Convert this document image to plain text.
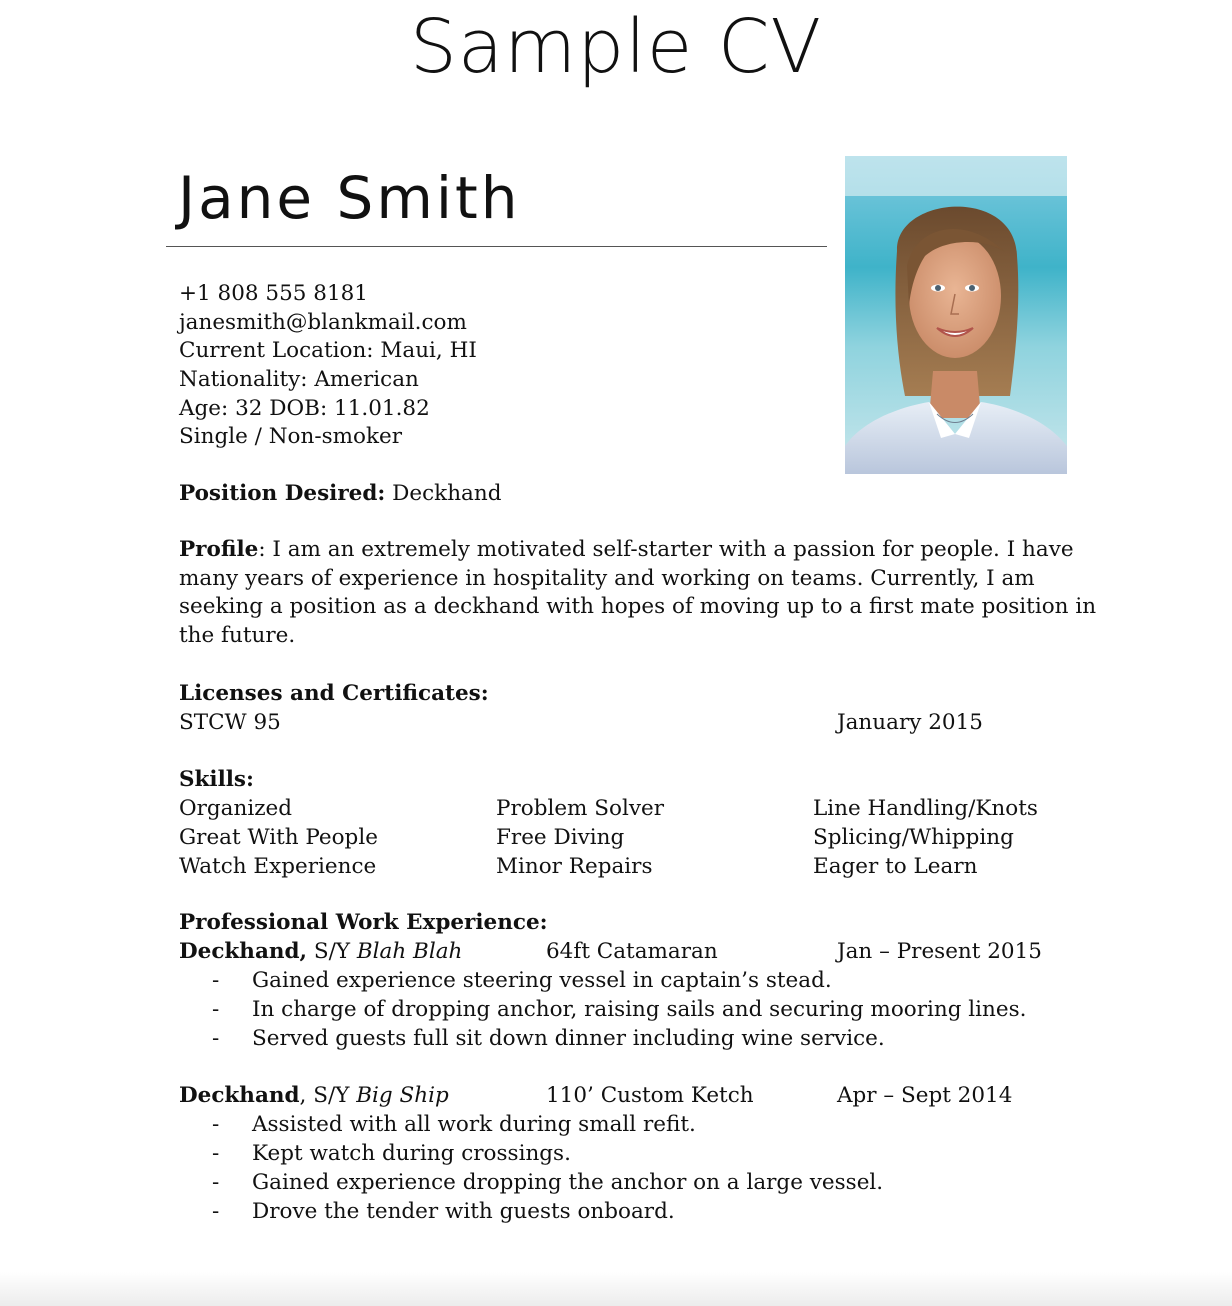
Sample CV
Jane Smith
+1 808 555 8181
janesmith@blankmail.com
Current Location: Maui, HI
Nationality: American
Age: 32 DOB: 11.01.82
Single / Non-smoker
Position Desired: Deckhand
Profile: I am an extremely motivated self-starter with a passion for people. I have
many years of experience in hospitality and working on teams. Currently, I am
seeking a position as a deckhand with hopes of moving up to a first mate position in
the future.
Licenses and Certificates:
STCW 95	January 2015
Skills:
Organized	Problem Solver	Line Handling/Knots
Great With People	Free Diving	Splicing/Whipping
Watch Experience	Minor Repairs	Eager to Learn
Professional Work Experience:
Deckhand, S/Y Blah Blah	64ft Catamaran	Jan – Present 2015
- Gained experience steering vessel in captain’s stead.
- In charge of dropping anchor, raising sails and securing mooring lines.
- Served guests full sit down dinner including wine service.
Deckhand, S/Y Big Ship	110’ Custom Ketch	Apr – Sept 2014
- Assisted with all work during small refit.
- Kept watch during crossings.
- Gained experience dropping the anchor on a large vessel.
- Drove the tender with guests onboard.
